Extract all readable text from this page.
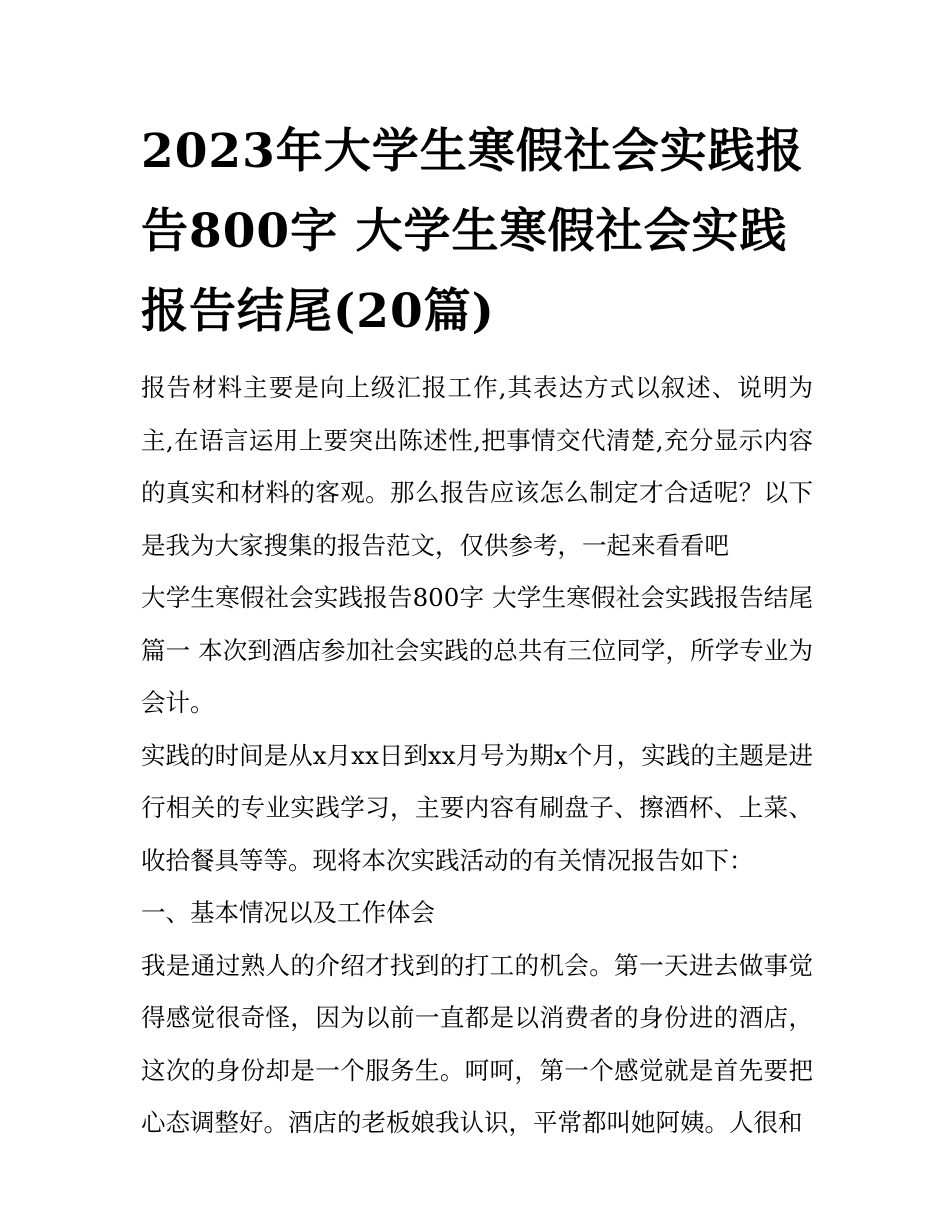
2023年大学生寒假社会实践报告800字 大学生寒假社会实践报告结尾(20篇)

报告材料主要是向上级汇报工作,其表达方式以叙述、说明为主,在语言运用上要突出陈述性,把事情交代清楚,充分显示内容的真实和材料的客观。那么报告应该怎么制定才合适呢？以下是我为大家搜集的报告范文，仅供参考，一起来看看吧

大学生寒假社会实践报告800字 大学生寒假社会实践报告结尾篇一 本次到酒店参加社会实践的总共有三位同学，所学专业为会计。

实践的时间是从x月xx日到xx月号为期x个月，实践的主题是进行相关的专业实践学习，主要内容有刷盘子、擦酒杯、上菜、收拾餐具等等。现将本次实践活动的有关情况报告如下：

一、基本情况以及工作体会

我是通过熟人的介绍才找到的打工的机会。第一天进去做事觉得感觉很奇怪，因为以前一直都是以消费者的身份进的酒店，这次的身份却是一个服务生。呵呵，第一个感觉就是首先要把心态调整好。酒店的老板娘我认识，平常都叫她阿姨。人很和
